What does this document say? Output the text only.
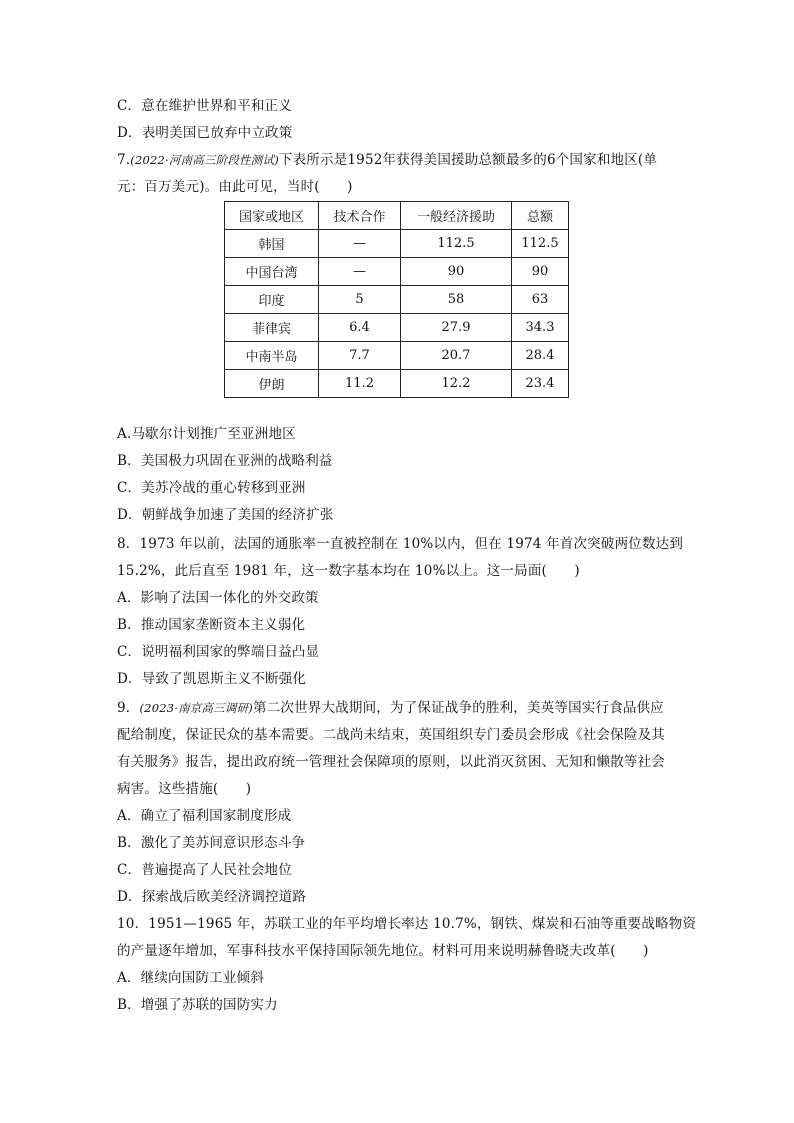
C．意在维护世界和平和正义
D．表明美国已放弃中立政策
7.(2022·河南高三阶段性测试)下表所示是1952年获得美国援助总额最多的6个国家和地区(单
元：百万美元)。由此可见，当时(　　)
国家或地区	技术合作	一般经济援助	总额
韩国	—	112.5	112.5
中国台湾	—	90	90
印度	5	58	63
菲律宾	6.4	27.9	34.3
中南半岛	7.7	20.7	28.4
伊朗	11.2	12.2	23.4
A.马歇尔计划推广至亚洲地区
B．美国极力巩固在亚洲的战略利益
C．美苏冷战的重心转移到亚洲
D．朝鲜战争加速了美国的经济扩张
8．1973 年以前，法国的通胀率一直被控制在 10%以内，但在 1974 年首次突破两位数达到
15.2%，此后直至 1981 年，这一数字基本均在 10%以上。这一局面(　　)
A．影响了法国一体化的外交政策
B．推动国家垄断资本主义弱化
C．说明福利国家的弊端日益凸显
D．导致了凯恩斯主义不断强化
9．(2023·南京高三调研)第二次世界大战期间，为了保证战争的胜利，美英等国实行食品供应
配给制度，保证民众的基本需要。二战尚未结束，英国组织专门委员会形成《社会保险及其
有关服务》报告，提出政府统一管理社会保障项的原则，以此消灭贫困、无知和懒散等社会
病害。这些措施(　　)
A．确立了福利国家制度形成
B．激化了美苏间意识形态斗争
C．普遍提高了人民社会地位
D．探索战后欧美经济调控道路
10．1951—1965 年，苏联工业的年平均增长率达 10.7%，钢铁、煤炭和石油等重要战略物资
的产量逐年增加，军事科技水平保持国际领先地位。材料可用来说明赫鲁晓夫改革(　　)
A．继续向国防工业倾斜
B．增强了苏联的国防实力
